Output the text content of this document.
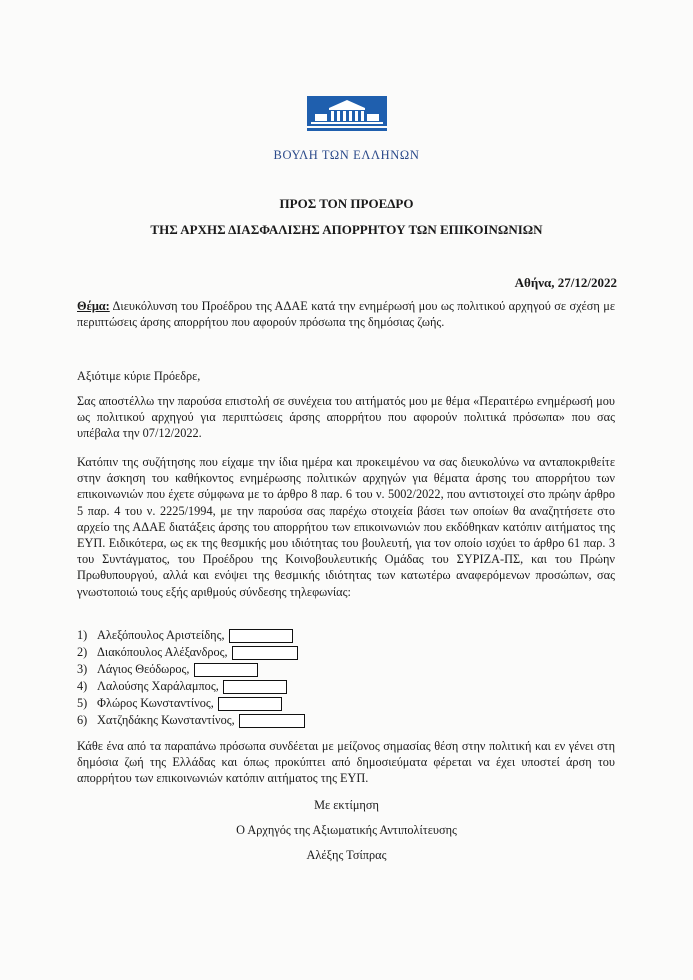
ΒΟΥΛΗ ΤΩΝ ΕΛΛΗΝΩΝ
ΠΡΟΣ ΤΟΝ ΠΡΟΕΔΡΟ
ΤΗΣ ΑΡΧΗΣ ΔΙΑΣΦΑΛΙΣΗΣ ΑΠΟΡΡΗΤΟΥ ΤΩΝ ΕΠΙΚΟΙΝΩΝΙΩΝ
Αθήνα, 27/12/2022
Θέμα: Διευκόλυνση του Προέδρου της ΑΔΑΕ κατά την ενημέρωσή μου ως πολιτικού αρχηγού σε σχέση με περιπτώσεις άρσης απορρήτου που αφορούν πρόσωπα της δημόσιας ζωής.
Αξιότιμε κύριε Πρόεδρε,
Σας αποστέλλω την παρούσα επιστολή σε συνέχεια του αιτήματός μου με θέμα «Περαιτέρω ενημέρωσή μου ως πολιτικού αρχηγού για περιπτώσεις άρσης απορρήτου που αφορούν πολιτικά πρόσωπα» που σας υπέβαλα την 07/12/2022.
Κατόπιν της συζήτησης που είχαμε την ίδια ημέρα και προκειμένου να σας διευκολύνω να ανταποκριθείτε στην άσκηση του καθήκοντος ενημέρωσης πολιτικών αρχηγών για θέματα άρσης του απορρήτου των επικοινωνιών που έχετε σύμφωνα με το άρθρο 8 παρ. 6 του ν. 5002/2022, που αντιστοιχεί στο πρώην άρθρο 5 παρ. 4 του ν. 2225/1994, με την παρούσα σας παρέχω στοιχεία βάσει των οποίων θα αναζητήσετε στο αρχείο της ΑΔΑΕ διατάξεις άρσης του απορρήτου των επικοινωνιών που εκδόθηκαν κατόπιν αιτήματος της ΕΥΠ. Ειδικότερα, ως εκ της θεσμικής μου ιδιότητας του βουλευτή, για τον οποίο ισχύει το άρθρο 61 παρ. 3 του Συντάγματος, του Προέδρου της Κοινοβουλευτικής Ομάδας του ΣΥΡΙΖΑ-ΠΣ, και του Πρώην Πρωθυπουργού, αλλά και ενόψει της θεσμικής ιδιότητας των κατωτέρω αναφερόμενων προσώπων, σας γνωστοποιώ τους εξής αριθμούς σύνδεσης τηλεφωνίας:
1) Αλεξόπουλος Αριστείδης,
2) Διακόπουλος Αλέξανδρος,
3) Λάγιος Θεόδωρος,
4) Λαλούσης Χαράλαμπος,
5) Φλώρος Κωνσταντίνος,
6) Χατζηδάκης Κωνσταντίνος,
Κάθε ένα από τα παραπάνω πρόσωπα συνδέεται με μείζονος σημασίας θέση στην πολιτική και εν γένει στη δημόσια ζωή της Ελλάδας και όπως προκύπτει από δημοσιεύματα φέρεται να έχει υποστεί άρση του απορρήτου των επικοινωνιών κατόπιν αιτήματος της ΕΥΠ.
Με εκτίμηση
Ο Αρχηγός της Αξιωματικής Αντιπολίτευσης
Αλέξης Τσίπρας
